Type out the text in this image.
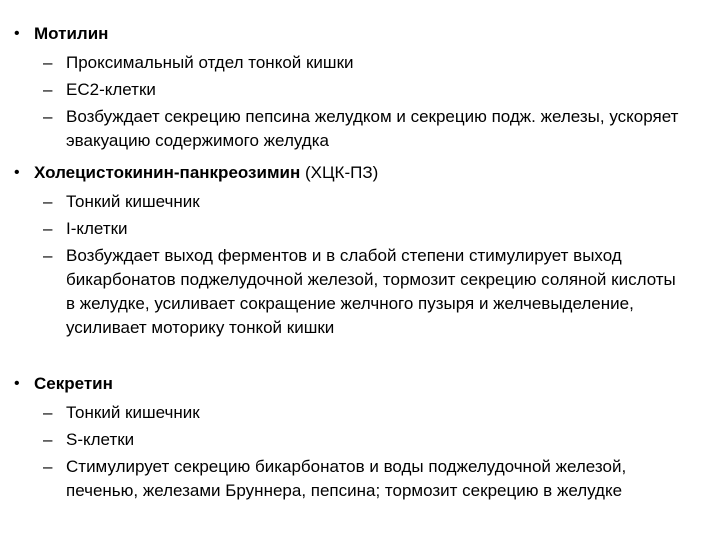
• Мотилин
– Проксимальный отдел тонкой кишки
– ЕС2-клетки
– Возбуждает секрецию пепсина желудком и секрецию подж. железы, ускоряет эвакуацию содержимого желудка
• Холецистокинин-панкреозимин (ХЦК-ПЗ)
– Тонкий кишечник
– I-клетки
– Возбуждает выход ферментов и в слабой степени стимулирует выход бикарбонатов поджелудочной железой, тормозит секрецию соляной кислоты в желудке, усиливает сокращение желчного пузыря и желчевыделение, усиливает моторику тонкой кишки
• Секретин
– Тонкий кишечник
– S-клетки
– Стимулирует секрецию бикарбонатов и воды поджелудочной железой, печенью, железами Бруннера, пепсина; тормозит секрецию в желудке
